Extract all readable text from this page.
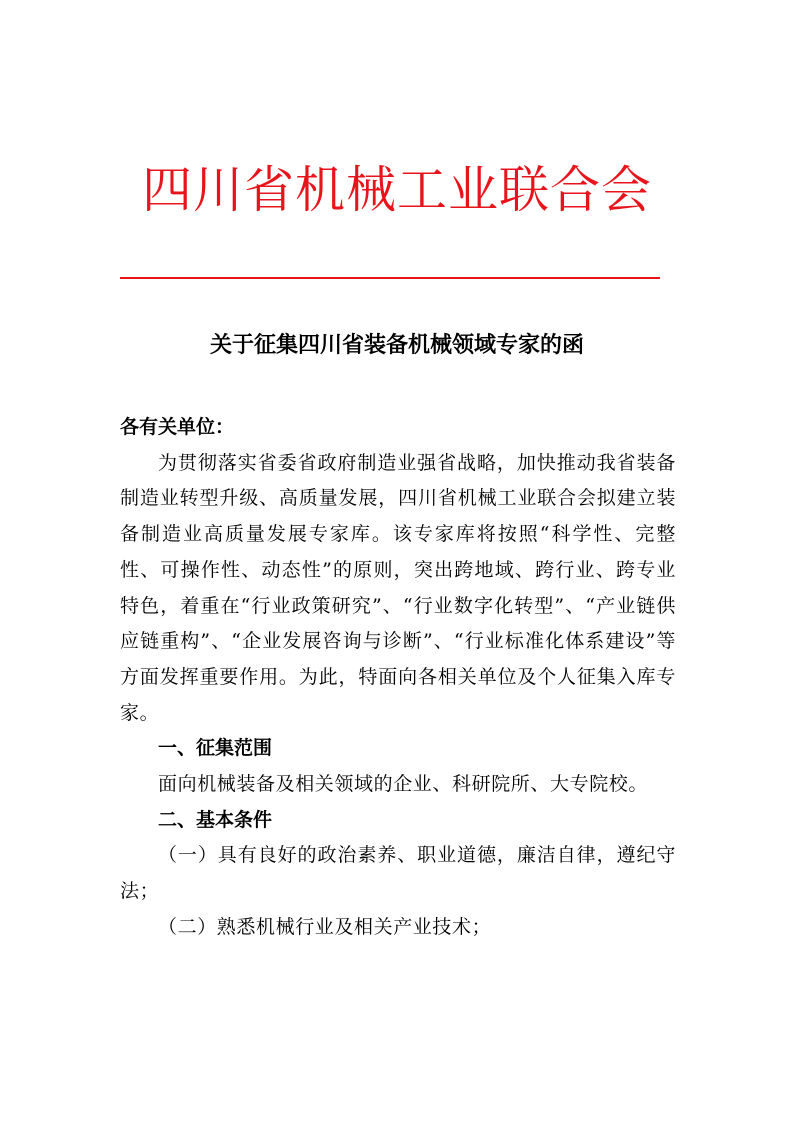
四川省机械工业联合会
关于征集四川省装备机械领域专家的函

各有关单位：

为贯彻落实省委省政府制造业强省战略，加快推动我省装备制造业转型升级、高质量发展，四川省机械工业联合会拟建立装备制造业高质量发展专家库。该专家库将按照“科学性、完整性、可操作性、动态性”的原则，突出跨地域、跨行业、跨专业特色，着重在“行业政策研究”、“行业数字化转型”、“产业链供应链重构”、“企业发展咨询与诊断”、“行业标准化体系建设”等方面发挥重要作用。为此，特面向各相关单位及个人征集入库专家。

一、征集范围

面向机械装备及相关领域的企业、科研院所、大专院校。

二、基本条件

（一）具有良好的政治素养、职业道德，廉洁自律，遵纪守法；

（二）熟悉机械行业及相关产业技术；
